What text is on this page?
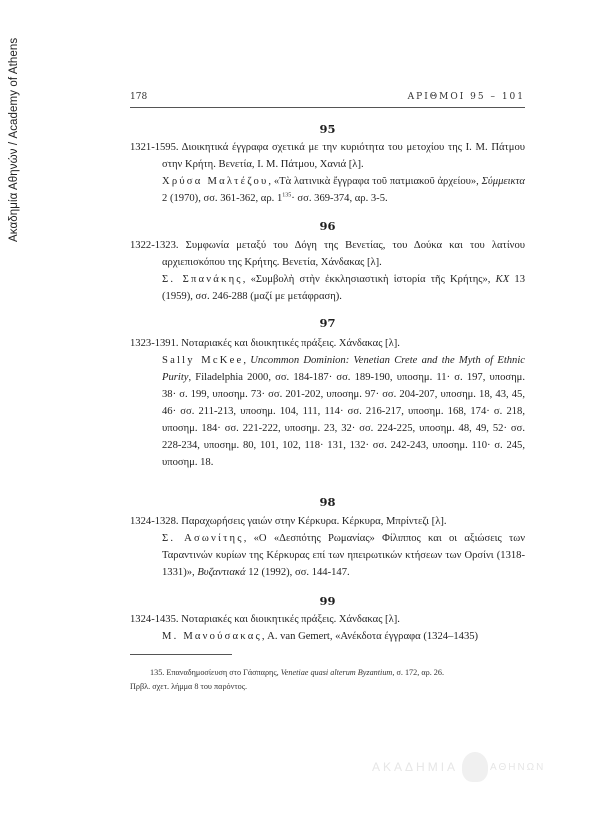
Ακαδημία Αθηνών / Academy of Athens	178	ΑΡΙΘΜΟΙ 95 – 101
95
1321-1595. Διοικητικά έγγραφα σχετικά με την κυριότητα του μετοχίου της Ι. Μ. Πάτμου στην Κρήτη. Βενετία, Ι. Μ. Πάτμου, Χανιά [λ].
Χρύσα Μαλτέζου, «Τὰ λατινικὰ ἔγγραφα τοῦ πατμιακοῦ ἀρχείου», Σύμμεικτα 2 (1970), σσ. 361-362, αρ. $1^{135}\cdot \sigma\sigma$. 369-374, αρ. 3-5.
96
1322-1323. Συμφωνία μεταξύ του Δόγη της Βενετίας, του Δούκα και του λατίνου αρχιεπισκόπου της Κρήτης. Βενετία, Χάνδακας [λ].
Σ. Σπανάκης, «Συμβολὴ στὴν ἐκκλησιαστικὴ ἱστορία τῆς Κρήτης», ΚΧ 13 (1959), σσ. 246-288 (μαζί με μετάφραση).
97
1323-1391. Νοταριακές και διοικητικές πράξεις. Χάνδακας [λ].
Sally McKee, Uncommon Dominion: Venetian Crete and the Myth of Ethnic Purity, Filadelphia 2000, σσ. 184-187· σσ. 189-190, υποσημ. 11· σ. 197, υποσημ. 38· σ. 199, υποσημ. 73· σσ. 201-202, υποσημ. 97· σσ. 204-207, υποσημ. 18, 43, 45, 46· σσ. 211-213, υποσημ. 104, 111, 114· σσ. 216-217, υποσημ. 168, 174· σ. 218, υποσημ. 184· σσ. 221-222, υποσημ. 23, 32· σσ. 224-225, υποσημ. 48, 49, 52· σσ. 228-234, υποσημ. 80, 101, 102, 118· 131, 132· σσ. 242-243, υποσημ. 110· σ. 245, υποσημ. 18.
98
1324-1328. Παραχωρήσεις γαιών στην Κέρκυρα. Κέρκυρα, Μπρίντεζι [λ].
Σ. Ασωνίτης, «Ο «Δεσπότης Ρωμανίας» Φίλιππος και οι αξιώσεις των Ταραντινών κυρίων της Κέρκυρας επί των ηπειρωτικών κτήσεων των Ορσίνι (1318-1331)», Βυζαντιακά 12 (1992), σσ. 144-147.
99
1324-1435. Νοταριακές και διοικητικές πράξεις. Χάνδακας [λ].
Μ. Μανούσακας, A. van Gemert, «Ανέκδοτα έγγραφα (1324–1435)
135. Επαναδημοσίευση στο Γάσπαρης, Venetiae quasi alterum Byzantium, σ. 172, αρ. 26.
Πρβλ. σχετ. λήμμα 8 του παρόντος.
ΑΚΑΔΗΜΙΑ	ΑΘΗΝΩΝ
